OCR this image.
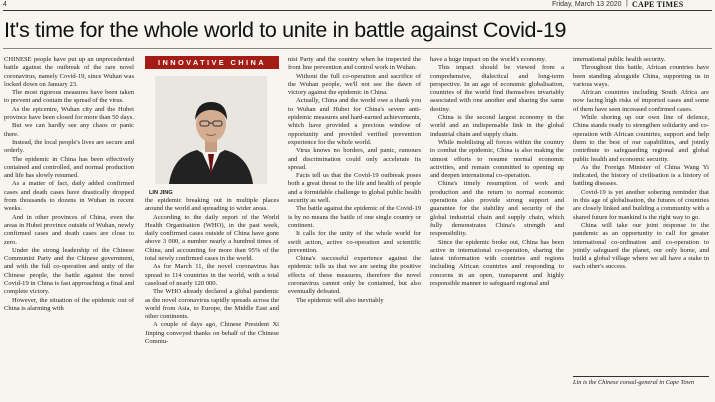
4	Friday, March 13 2020 | CAPE TIMES
It's time for the whole world to unite in battle against Covid-19

CHINESE people have put up an unprecedented battle against the outbreak of the rare novel coronavirus, namely Covid-19, since Wuhan was locked down on January 23.

The most rigorous measures have been taken to prevent and contain the spread of the virus.

As the epicentre, Wuhan city and the Hubei province have been closed for more than 50 days.

But we can hardly see any chaos or panic there.

Instead, the local people's lives are secure and orderly.

The epidemic in China has been effectively contained and controlled, and normal production and life has slowly resumed.

As a matter of fact, daily added confirmed cases and death cases have drastically dropped from thousands to dozens in Wuhan in recent weeks.

And in other provinces of China, even the areas in Hubei province outside of Wuhan, newly confirmed cases and death cases are close to zero.

Under the strong leadership of the Chinese Communist Party and the Chinese government, and with the full co-operation and unity of the Chinese people, the battle against the novel Covid-19 in China is fast approaching a final and complete victory.

However, the situation of the epidemic out of China is alarming with

INNOVATIVE CHINA
LIN JING

the epidemic breaking out in multiple places around the world and spreading to wider areas.

According to the daily report of the World Health Organisation (WHO), in the past week, daily confirmed cases outside of China have gone above 3 000, a number nearly a hundred times of China, and accounting for more than 95% of the total newly confirmed cases in the world.

As for March 11, the novel coronavirus has spread to 114 countries in the world, with a total caseload of nearly 120 000.

The WHO already declared a global pandemic as the novel coronavirus rapidly spreads across the world from Asia, to Europe, the Middle East and other continents.

A couple of days ago, Chinese President Xi Jinping conveyed thanks on behalf of the Chinese Commu-

nist Party and the country when he inspected the front line prevention and control work in Wuhan.

Without the full co-operation and sacrifice of the Wuhan people, we'll not see the dawn of victory against the epidemic in China.

Actually, China and the world owe a thank you to Wuhan and Hubei for China's severe anti-epidemic measures and hard-earned achievements, which have provided a precious window of opportunity and provided verified prevention experience for the whole world.

Virus knows no borders, and panic, rumours and discrimination could only accelerate its spread.

Facts tell us that the Covid-19 outbreak poses both a great threat to the life and health of people and a formidable challenge to global public health security as well.

The battle against the epidemic of the Covid-19 is by no means the battle of one single country or continent.

It calls for the unity of the whole world for swift action, active co-operation and scientific prevention.

China's successful experience against the epidemic tells us that we are seeing the positive effects of these measures, therefore the novel coronavirus cannot only be contained, but also eventually defeated.

The epidemic will also inevitably

have a huge impact on the world's economy.

This impact should be viewed from a comprehensive, dialectical and long-term perspective. In an age of economic globalisation, countries of the world find themselves invariably associated with one another and sharing the same destiny.

China is the second largest economy in the world and an indispensable link in the global industrial chain and supply chain.

While mobilising all forces within the country to combat the epidemic, China is also making the utmost efforts to resume normal economic activities, and remain committed to opening up and deepen international co-operation.

China's timely resumption of work and production and the return to normal economic operations also provide strong support and guarantee for the stability and security of the global industrial chain and supply chain, which fully demonstrates China's strength and responsibility.

Since the epidemic broke out, China has been active in international co-operation, sharing the latest information with countries and regions including African countries and responding to concerns in an open, transparent and highly responsible manner to safeguard regional and

international public health security.

Throughout this battle, African countries have been standing alongside China, supporting us in various ways.

African countries including South Africa are now facing high risks of imported cases and some of them have seen increased confirmed cases.

While shoring up our own line of defence, China stands ready to strengthen solidarity and co-operation with African countries, support and help them to the best of our capabilities, and jointly contribute to safeguarding regional and global public health and economic security.

As the Foreign Minister of China Wang Yi indicated, the history of civilisation is a history of battling diseases.

Covid-19 is yet another sobering reminder that in this age of globalisation, the futures of countries are closely linked and building a community with a shared future for mankind is the right way to go.

China will take our joint response to the pandemic as an opportunity to call for greater international co-ordination and co-operation to jointly safeguard the planet, our only home, and build a global village where we all have a stake in each other's success.

Lin is the Chinese consul-general in Cape Town
